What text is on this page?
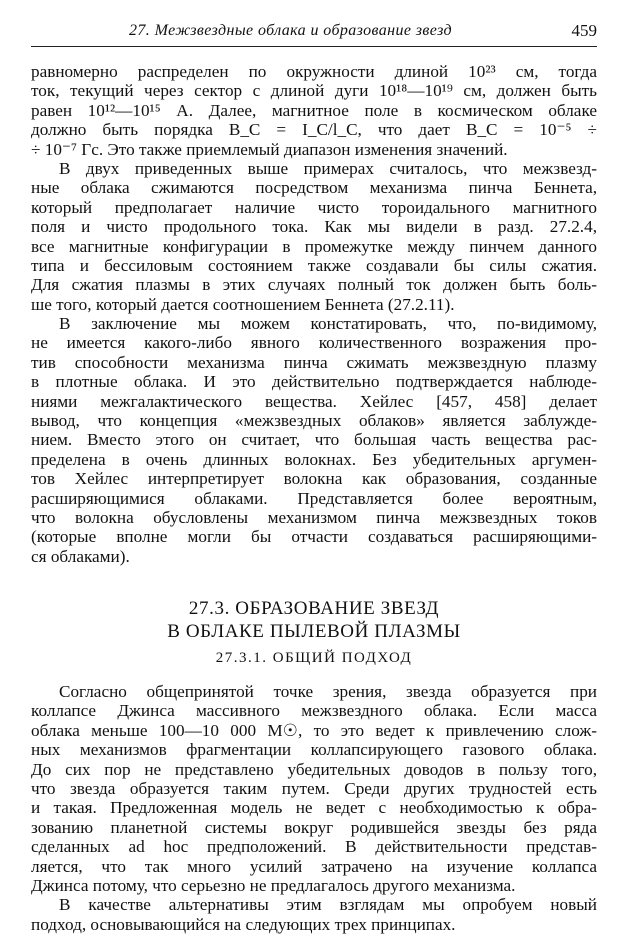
27. Межзвездные облака и образование звезд	459
равномерно распределен по окружности длиной 10²³ см, тогда
ток, текущий через сектор с длиной дуги 10¹⁸—10¹⁹ см, должен быть
равен 10¹²—10¹⁵ А. Далее, магнитное поле в космическом облаке
должно быть порядка B_C = I_C/l_C, что дает B_C = 10⁻⁵ ÷
÷ 10⁻⁷ Гс. Это также приемлемый диапазон изменения значений.
В двух приведенных выше примерах считалось, что межзвезд-
ные облака сжимаются посредством механизма пинча Беннета,
который предполагает наличие чисто тороидального магнитного
поля и чисто продольного тока. Как мы видели в разд. 27.2.4,
все магнитные конфигурации в промежутке между пинчем данного
типа и бессиловым состоянием также создавали бы силы сжатия.
Для сжатия плазмы в этих случаях полный ток должен быть боль-
ше того, который дается соотношением Беннета (27.2.11).
В заключение мы можем констатировать, что, по-видимому,
не имеется какого-либо явного количественного возражения про-
тив способности механизма пинча сжимать межзвездную плазму
в плотные облака. И это действительно подтверждается наблюде-
ниями межгалактического вещества. Хейлес [457, 458] делает
вывод, что концепция «межзвездных облаков» является заблужде-
нием. Вместо этого он считает, что большая часть вещества рас-
пределена в очень длинных волокнах. Без убедительных аргумен-
тов Хейлес интерпретирует волокна как образования, созданные
расширяющимися облаками. Представляется более вероятным,
что волокна обусловлены механизмом пинча межзвездных токов
(которые вполне могли бы отчасти создаваться расширяющими-
ся облаками).
27.3. ОБРАЗОВАНИЕ ЗВЕЗД
В ОБЛАКЕ ПЫЛЕВОЙ ПЛАЗМЫ
27.3.1. ОБЩИЙ ПОДХОД
Согласно общепринятой точке зрения, звезда образуется при
коллапсе Джинса массивного межзвездного облака. Если масса
облака меньше 100—10 000 M☉, то это ведет к привлечению слож-
ных механизмов фрагментации коллапсирующего газового облака.
До сих пор не представлено убедительных доводов в пользу того,
что звезда образуется таким путем. Среди других трудностей есть
и такая. Предложенная модель не ведет с необходимостью к обра-
зованию планетной системы вокруг родившейся звезды без ряда
сделанных ad hoc предположений. В действительности представ-
ляется, что так много усилий затрачено на изучение коллапса
Джинса потому, что серьезно не предлагалось другого механизма.
В качестве альтернативы этим взглядам мы опробуем новый
подход, основывающийся на следующих трех принципах.
